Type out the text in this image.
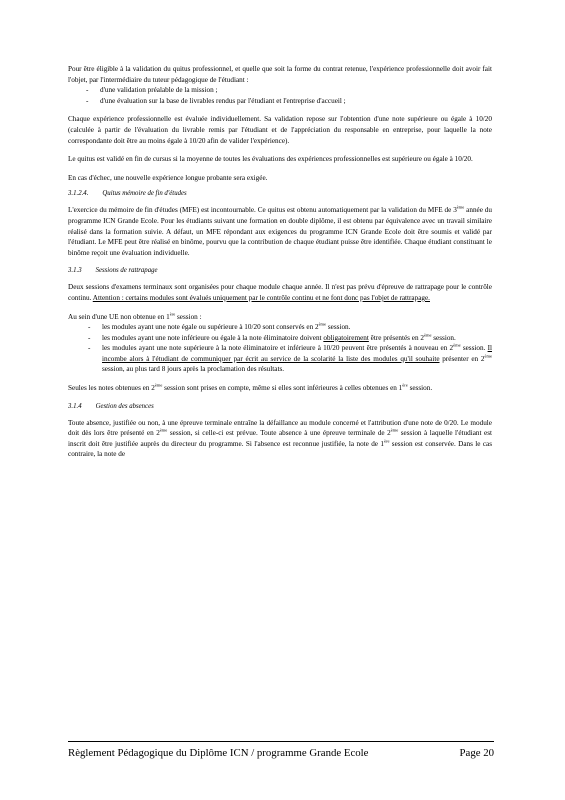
Pour être éligible à la validation du quitus professionnel, et quelle que soit la forme du contrat retenue, l'expérience professionnelle doit avoir fait l'objet, par l'intermédiaire du tuteur pédagogique de l'étudiant :

- d'une validation préalable de la mission ;
- d'une évaluation sur la base de livrables rendus par l'étudiant et l'entreprise d'accueil ;

Chaque expérience professionnelle est évaluée individuellement. Sa validation repose sur l'obtention d'une note supérieure ou égale à 10/20 (calculée à partir de l'évaluation du livrable remis par l'étudiant et de l'appréciation du responsable en entreprise, pour laquelle la note correspondante doit être au moins égale à 10/20 afin de valider l'expérience).

Le quitus est validé en fin de cursus si la moyenne de toutes les évaluations des expériences professionnelles est supérieure ou égale à 10/20.

En cas d'échec, une nouvelle expérience longue probante sera exigée.

3.1.2.4. Quitus mémoire de fin d'études

L'exercice du mémoire de fin d'études (MFE) est incontournable. Ce quitus est obtenu automatiquement par la validation du MFE de 3ème année du programme ICN Grande Ecole. Pour les étudiants suivant une formation en double diplôme, il est obtenu par équivalence avec un travail similaire réalisé dans la formation suivie. A défaut, un MFE répondant aux exigences du programme ICN Grande Ecole doit être soumis et validé par l'étudiant. Le MFE peut être réalisé en binôme, pourvu que la contribution de chaque étudiant puisse être identifiée. Chaque étudiant constituant le binôme reçoit une évaluation individuelle.

3.1.3 Sessions de rattrapage

Deux sessions d'examens terminaux sont organisées pour chaque module chaque année. Il n'est pas prévu d'épreuve de rattrapage pour le contrôle continu. Attention : certains modules sont évalués uniquement par le contrôle continu et ne font donc pas l'objet de rattrapage.

Au sein d'une UE non obtenue en 1ère session :

- les modules ayant une note égale ou supérieure à 10/20 sont conservés en 2ème session.
- les modules ayant une note inférieure ou égale à la note éliminatoire doivent obligatoirement être présentés en 2ème session.
- les modules ayant une note supérieure à la note éliminatoire et inférieure à 10/20 peuvent être présentés à nouveau en 2ème session. Il incombe alors à l'étudiant de communiquer par écrit au service de la scolarité la liste des modules qu'il souhaite présenter en 2ème session, au plus tard 8 jours après la proclamation des résultats.

Seules les notes obtenues en 2ème session sont prises en compte, même si elles sont inférieures à celles obtenues en 1ère session.

3.1.4 Gestion des absences

Toute absence, justifiée ou non, à une épreuve terminale entraîne la défaillance au module concerné et l'attribution d'une note de 0/20. Le module doit dès lors être présenté en 2ème session, si celle-ci est prévue. Toute absence à une épreuve terminale de 2ème session à laquelle l'étudiant est inscrit doit être justifiée auprès du directeur du programme. Si l'absence est reconnue justifiée, la note de 1ère session est conservée. Dans le cas contraire, la note de

Règlement Pédagogique du Diplôme ICN / programme Grande Ecole	Page 20
